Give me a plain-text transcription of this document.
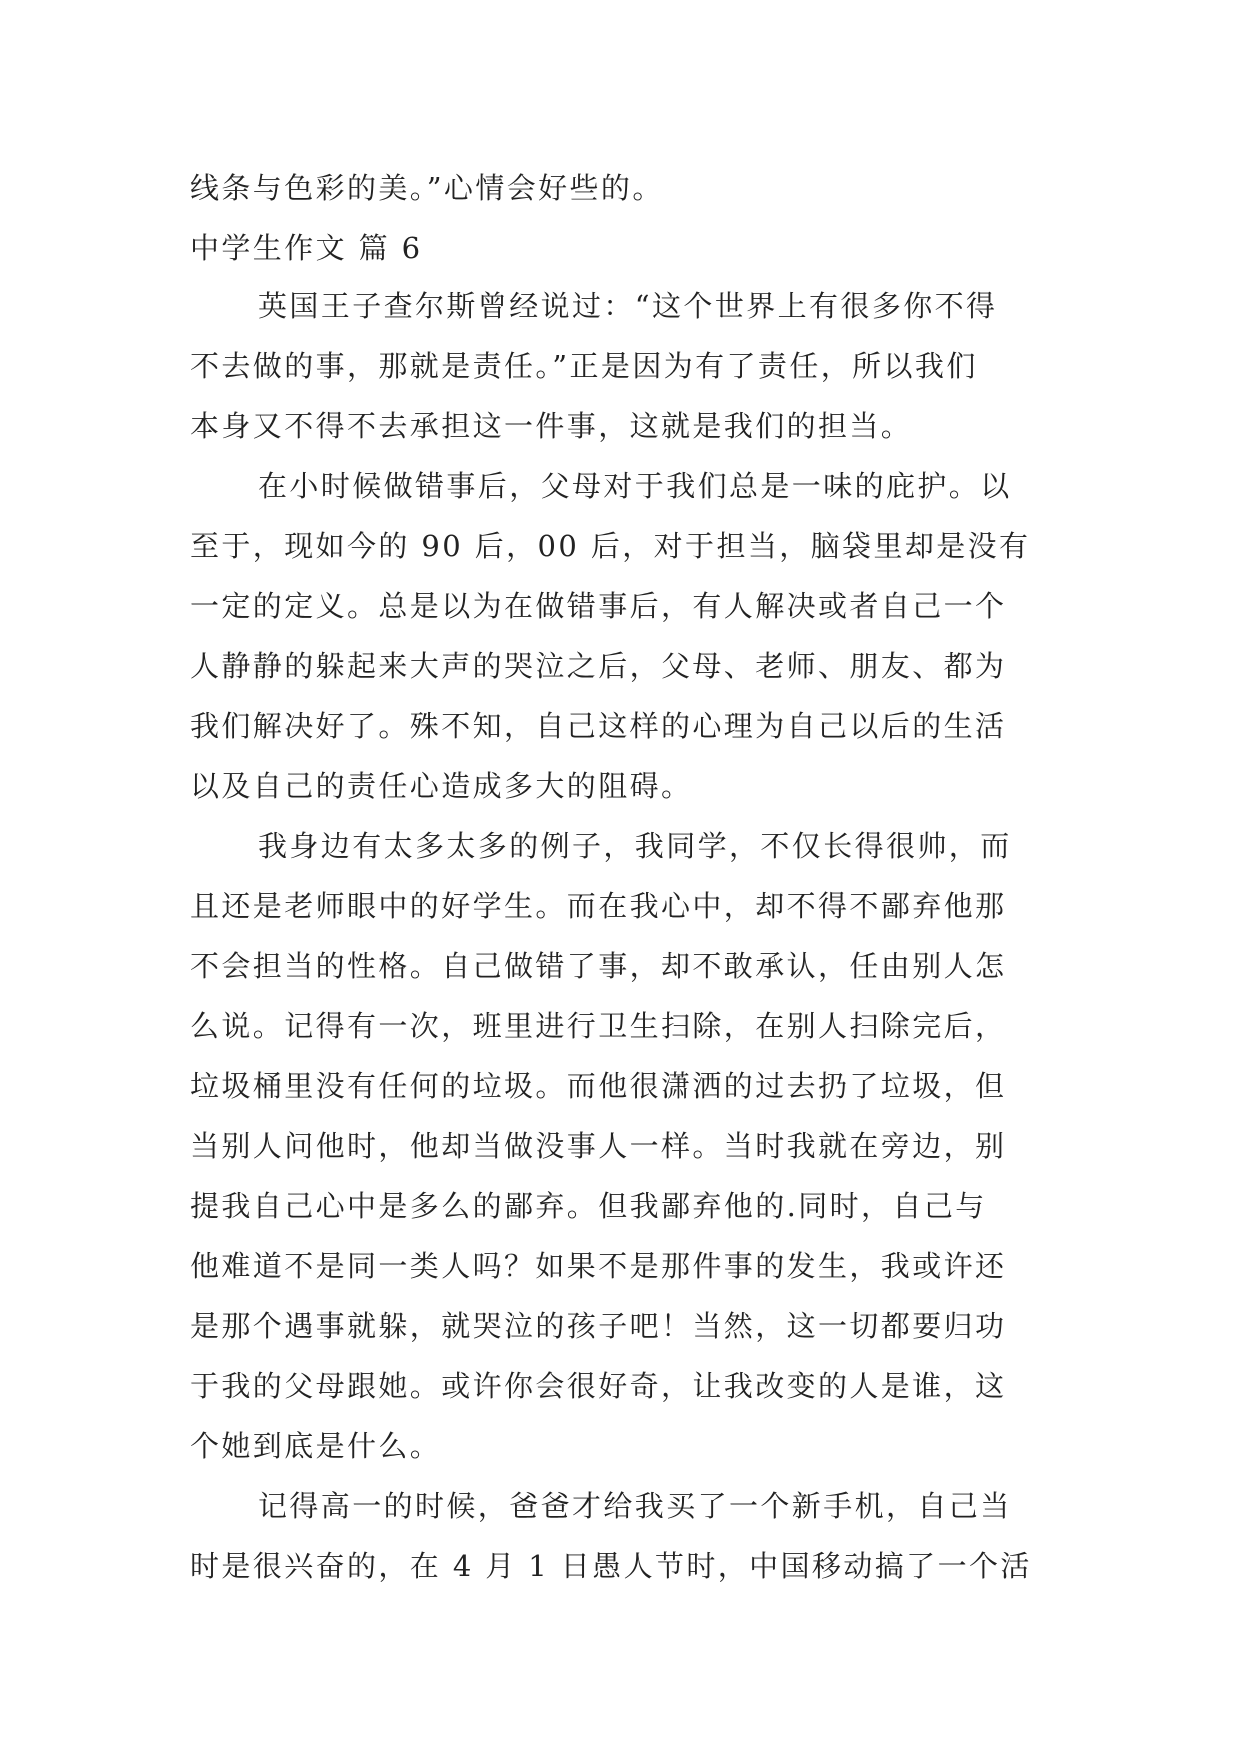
线条与色彩的美。”心情会好些的。
中学生作文 篇 6
英国王子查尔斯曾经说过：“这个世界上有很多你不得
不去做的事，那就是责任。”正是因为有了责任，所以我们
本身又不得不去承担这一件事，这就是我们的担当。
在小时候做错事后，父母对于我们总是一味的庇护。以
至于，现如今的 90 后，00 后，对于担当，脑袋里却是没有
一定的定义。总是以为在做错事后，有人解决或者自己一个
人静静的躲起来大声的哭泣之后，父母、老师、朋友、都为
我们解决好了。殊不知，自己这样的心理为自己以后的生活
以及自己的责任心造成多大的阻碍。
我身边有太多太多的例子，我同学，不仅长得很帅，而
且还是老师眼中的好学生。而在我心中，却不得不鄙弃他那
不会担当的性格。自己做错了事，却不敢承认，任由别人怎
么说。记得有一次，班里进行卫生扫除，在别人扫除完后，
垃圾桶里没有任何的垃圾。而他很潇洒的过去扔了垃圾，但
当别人问他时，他却当做没事人一样。当时我就在旁边，别
提我自己心中是多么的鄙弃。但我鄙弃他的.同时，自己与
他难道不是同一类人吗？如果不是那件事的发生，我或许还
是那个遇事就躲，就哭泣的孩子吧！当然，这一切都要归功
于我的父母跟她。或许你会很好奇，让我改变的人是谁，这
个她到底是什么。
记得高一的时候，爸爸才给我买了一个新手机，自己当
时是很兴奋的，在 4 月 1 日愚人节时，中国移动搞了一个活
